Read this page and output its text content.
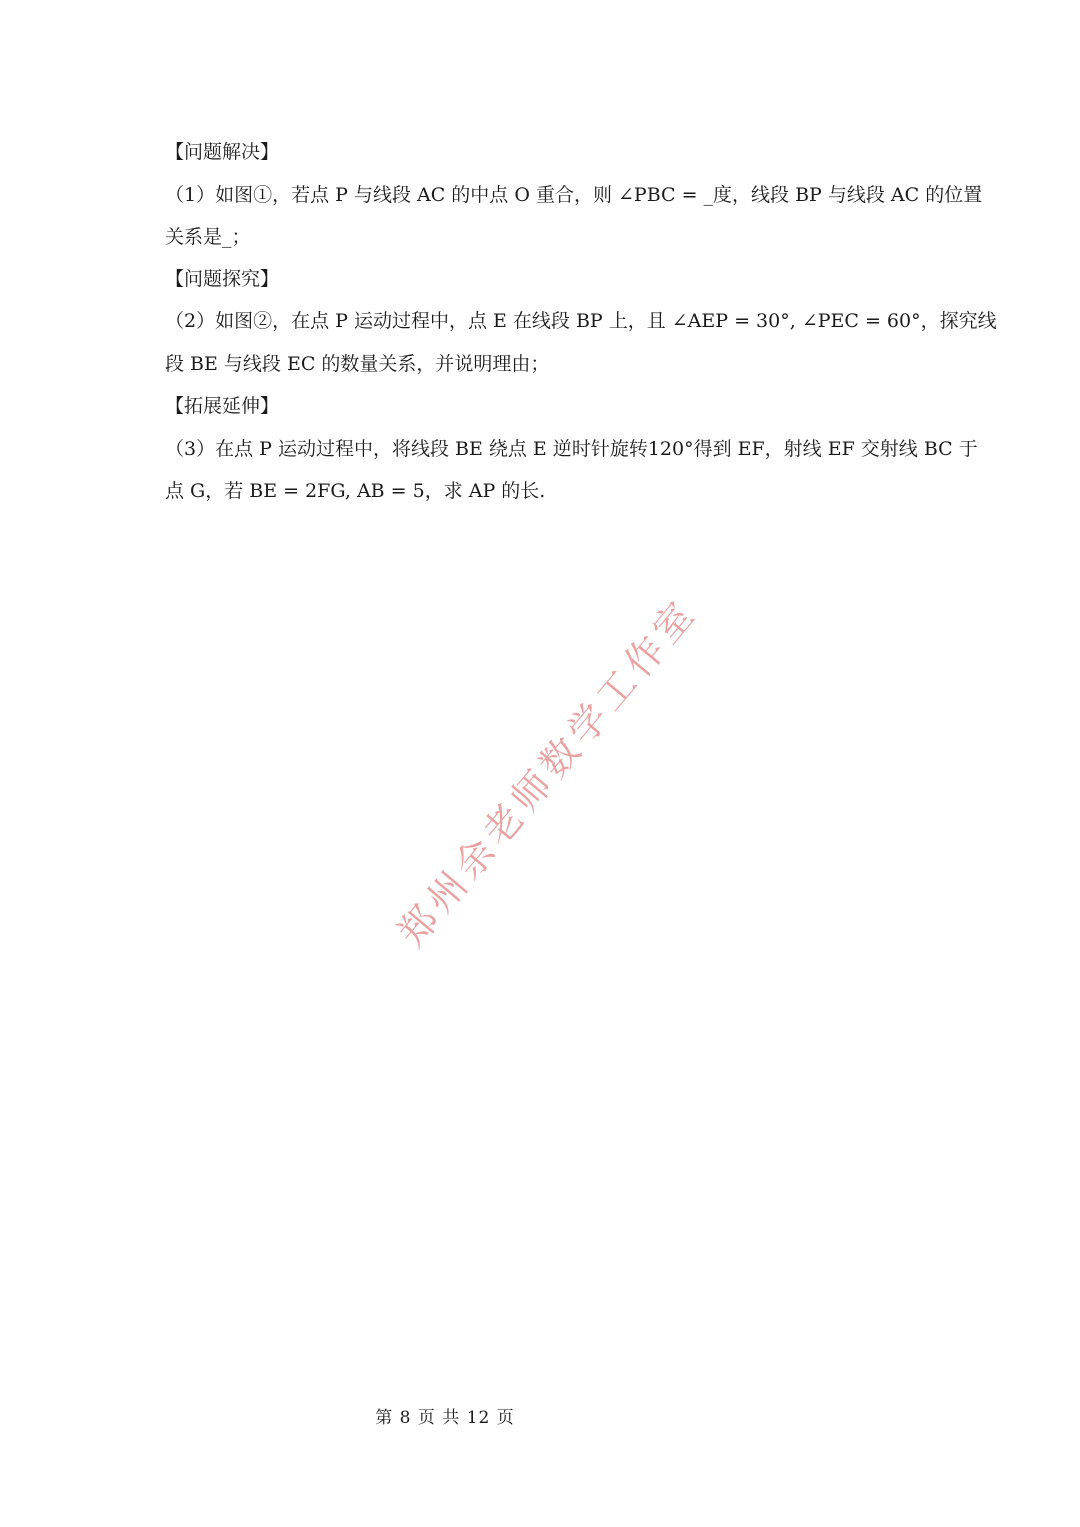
【问题解决】
（1）如图①，若点 P 与线段 AC 的中点 O 重合，则 ∠PBC = _度，线段 BP 与线段 AC 的位置
关系是_；
【问题探究】
（2）如图②，在点 P 运动过程中，点 E 在线段 BP 上，且 ∠AEP = 30°, ∠PEC = 60°，探究线
段 BE 与线段 EC 的数量关系，并说明理由；
【拓展延伸】
（3）在点 P 运动过程中，将线段 BE 绕点 E 逆时针旋转120°得到 EF，射线 EF 交射线 BC 于
点 G，若 BE = 2FG, AB = 5，求 AP 的长.
郑州余老师数学工作室
第 8 页 共 12 页
